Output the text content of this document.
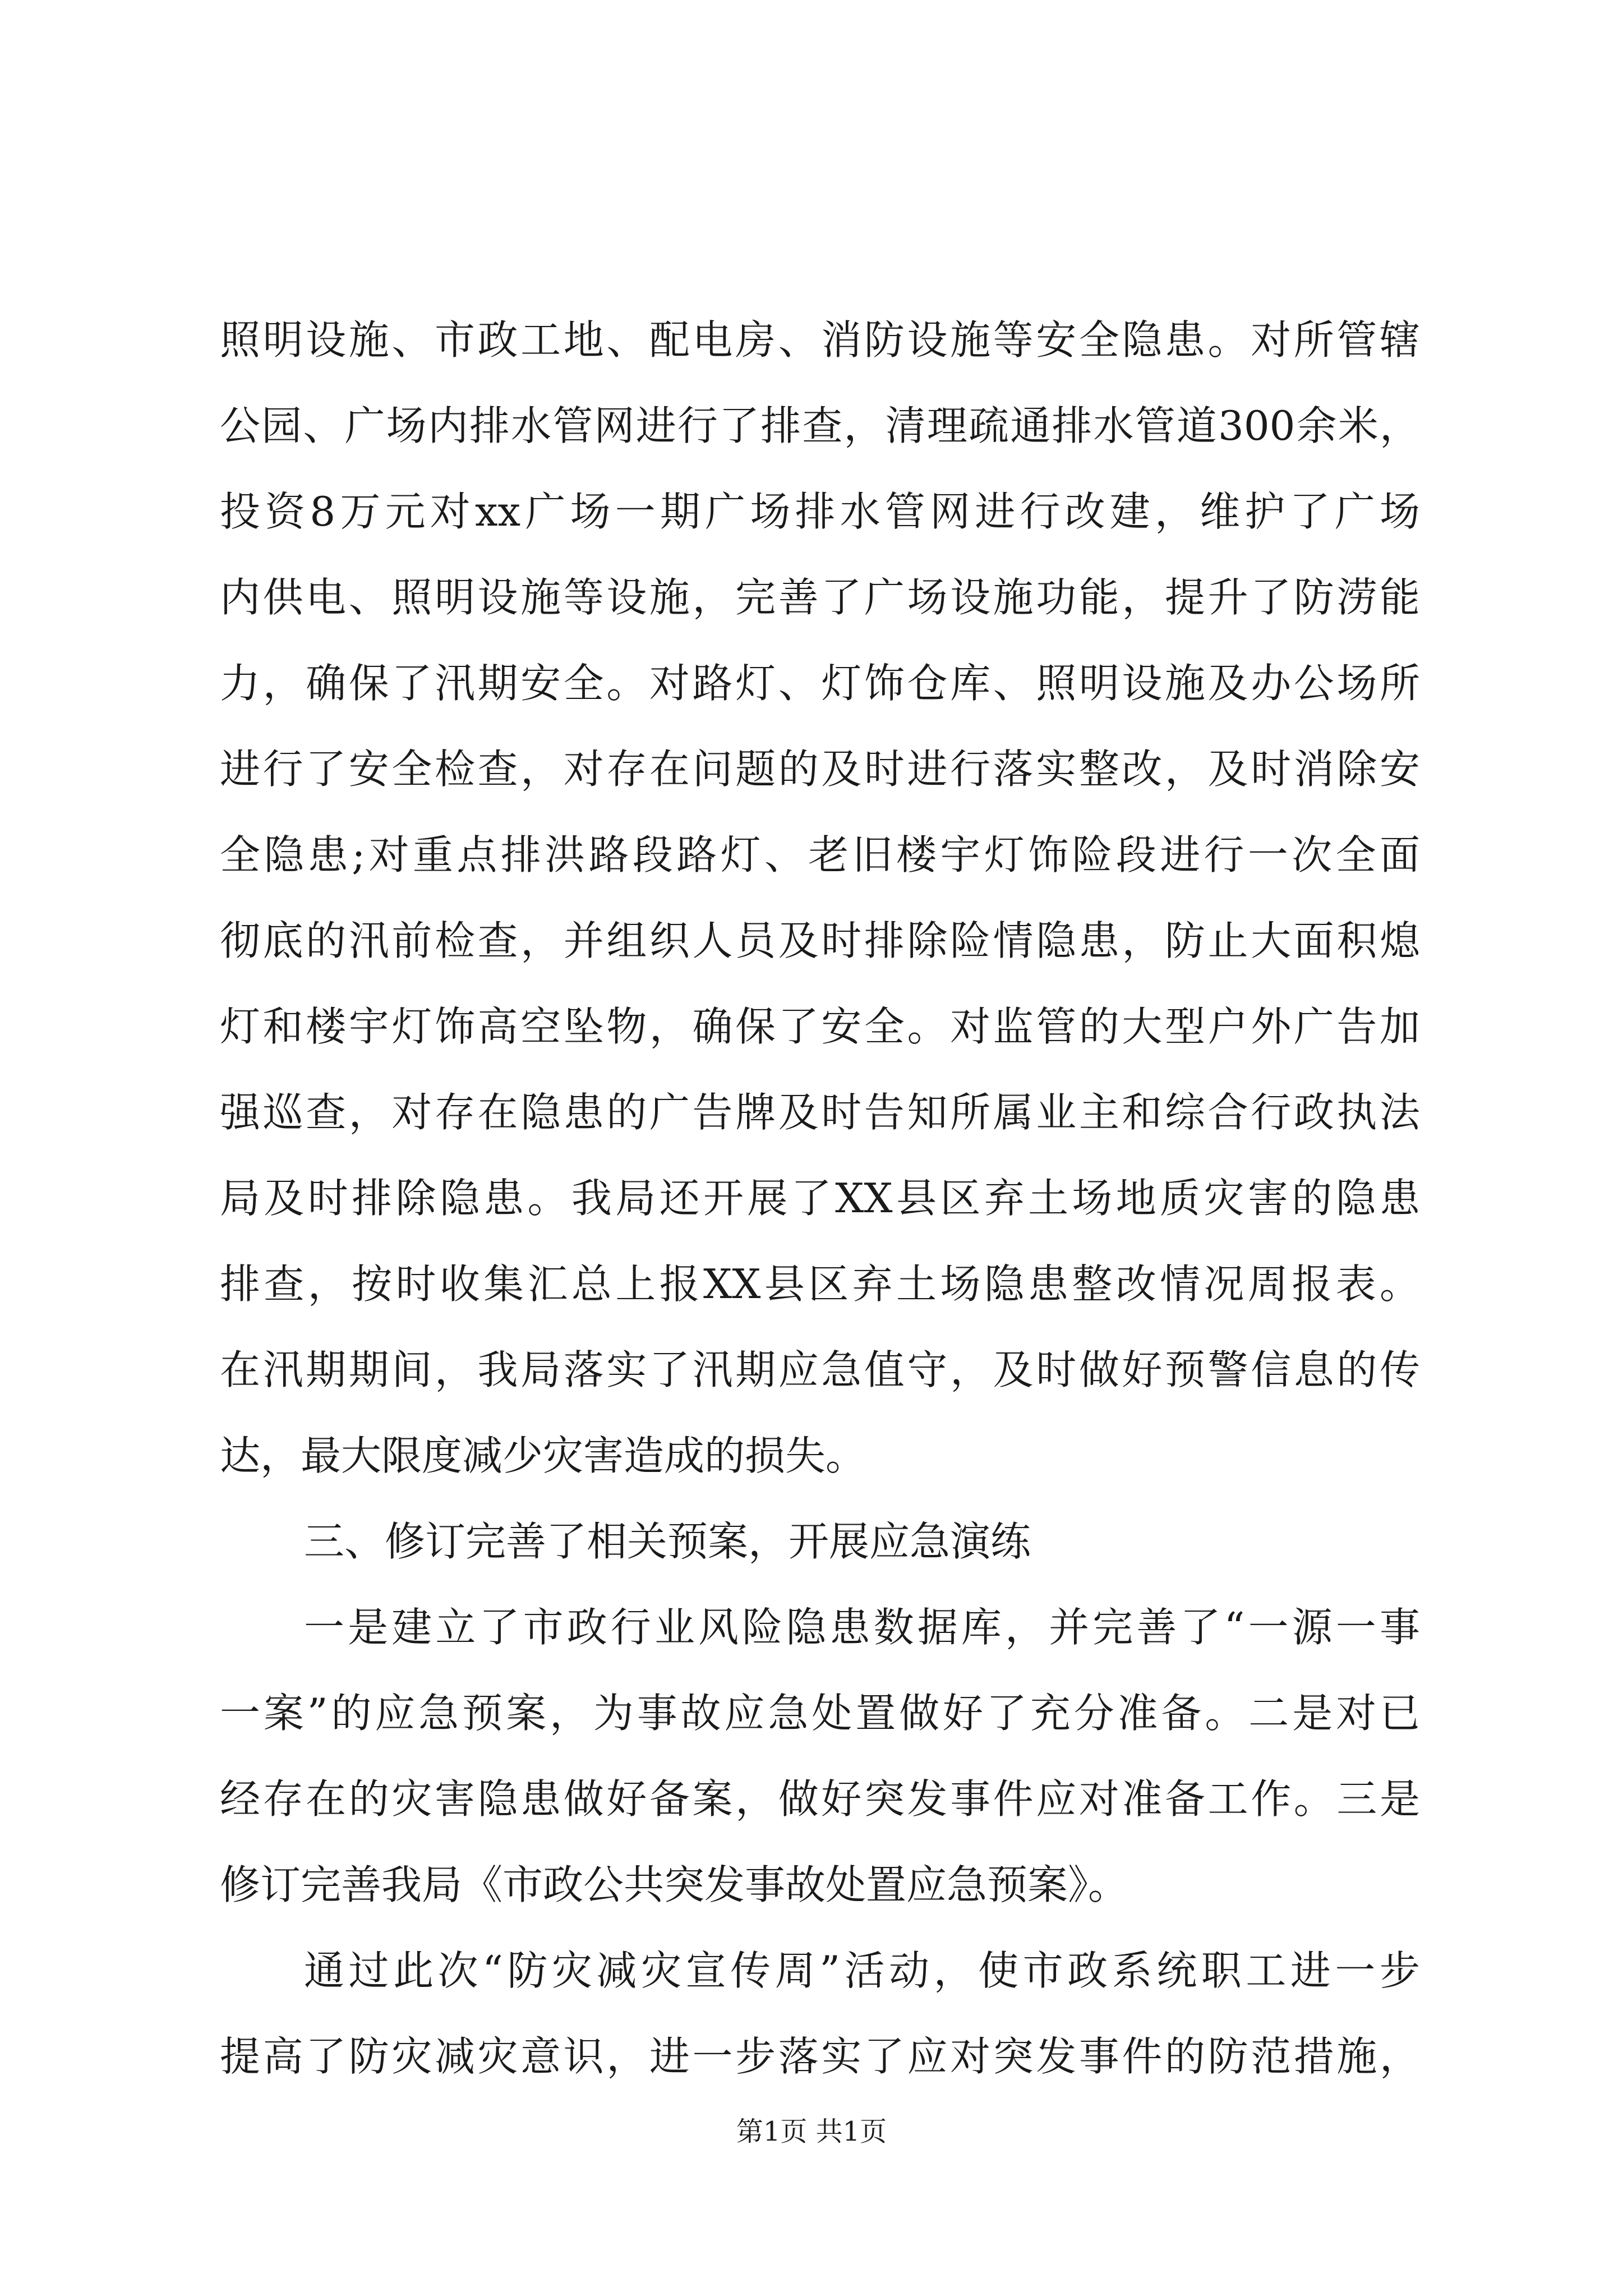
照明设施、市政工地、配电房、消防设施等安全隐患。对所管辖
公园、广场内排水管网进行了排查，清理疏通排水管道300余米，
投资8万元对xx广场一期广场排水管网进行改建，维护了广场
内供电、照明设施等设施，完善了广场设施功能，提升了防涝能
力，确保了汛期安全。对路灯、灯饰仓库、照明设施及办公场所
进行了安全检查，对存在问题的及时进行落实整改，及时消除安
全隐患;对重点排洪路段路灯、老旧楼宇灯饰险段进行一次全面
彻底的汛前检查，并组织人员及时排除险情隐患，防止大面积熄
灯和楼宇灯饰高空坠物，确保了安全。对监管的大型户外广告加
强巡查，对存在隐患的广告牌及时告知所属业主和综合行政执法
局及时排除隐患。我局还开展了XX县区弃土场地质灾害的隐患
排查，按时收集汇总上报XX县区弃土场隐患整改情况周报表。
在汛期期间，我局落实了汛期应急值守，及时做好预警信息的传
达，最大限度减少灾害造成的损失。
三、修订完善了相关预案，开展应急演练
一是建立了市政行业风险隐患数据库，并完善了“一源一事
一案”的应急预案，为事故应急处置做好了充分准备。二是对已
经存在的灾害隐患做好备案，做好突发事件应对准备工作。三是
修订完善我局《市政公共突发事故处置应急预案》。
通过此次“防灾减灾宣传周”活动，使市政系统职工进一步
提高了防灾减灾意识，进一步落实了应对突发事件的防范措施，
第1页 共1页
